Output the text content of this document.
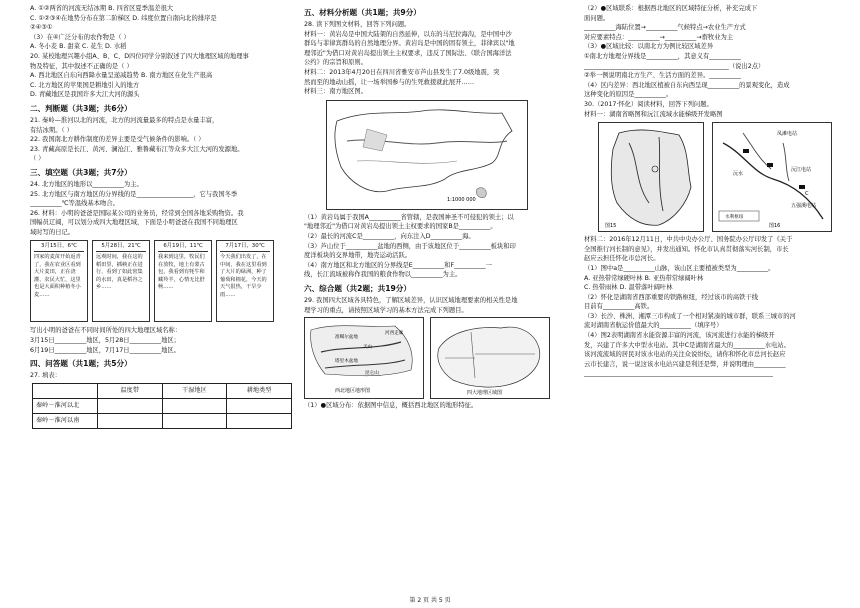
A. ①②两省的河流无结冰期 B. 四省区夏季温差很大
C. ①②③④在地势分布在第二阶梯区 D. 纬度位置自南向北的排序是
②④③①
（3）在④广泛分布的农作物是（ ）
A. 冬小麦 B. 甜菜 C. 花生 D. 水稻
20. 某校地理兴趣小组A、B、C、D四位同学分别叙述了四大地理区域的地理事
物及特征，其中叙述不正确的是（ ）
A. 西北地区自东向西降水量呈递减趋势 B. 南方地区在化生产很高
C. 北方地区的苹果国是耕地引入的地方
D. 青藏地区是我国许多大江大河的源头
二、判断题（共3题；共6分）
21. 秦岭—淮河以北的河流，北方的河流量最多的特点是水量丰富，
有结冰期。（ ）
22. 我国南北方耕作制度的差异主要是受气候条件的影响。（ ）
23. 青藏高原是长江、黄河、澜沧江、雅鲁藏布江等众多大江大河的发源地。
（ ）
三、填空题（共3题；共7分）
24. 北方地区的地形以__________为主。
25. 北方地区与南方地区的分界线的是__________________，它与我国冬季
__________℃等温线基本吻合。
26. 材料：小明的爸爸是国际某公司的业务员，经常到全国各地采购物资。我
国幅员辽阔，可以划分成四大地理区域，下面是小明爸爸在我国不同地理区
域时写的日记。
3月15日，6℃
四家的麦苗开始返青了，我在农业区看到大片麦田，正在浇灌，农民大忙，这里也是大面积种植冬小麦……
5月28日，21℃
远观时间，我在这的稻田里，插秧正在进行，看到了如此密集的水田，真是稻谷之乡……
6月19日，11℃
我来到这里，牧民们在放牧，地上有蒙古包，我看到有牦牛和藏羚羊，心情无比舒畅……
7月17日，30℃
今天我们出发了，在中间，我在这里看到了大片的绿洲，种了葡萄和棉花，今天的天气很热，干旱少雨……
写出小明的爸爸在不同时间所处的四大地理区域名称：
3月15日__________地区，5月28日__________地区；
6月19日__________地区，7月17日__________地区。
四、问答题（共1题；共5分）
27. 填表：
	温度带	干湿地区	耕地类型
秦岭－淮河以北			
秦岭－淮河以南			
五、材料分析题（共1题；共9分）
28. 读下列图文材料，回答下列问题。
材料一：黄岩岛是中国大陆架的自然延伸，以东的马尼拉海沟，是中国中沙
群岛与菲律宾群岛的自然地理分界。黄岩岛是中国的固有领土，菲律宾以"地
理邻近"为借口对黄岩岛提出领土主权要求，违反了国际法、《联合国海洋法
公约》的宗旨和原则。
材料二：2013年4月20日在四川省雅安市芦山县发生了7.0级地震，突
然而至的地动山摇，让一场举国参与的生死救援就此展开……
材料三：南方地区图。
1:1000 000
（1）黄岩岛属于我国A__________省管辖，是我国神圣不可侵犯的领土；以
"地理邻近"为借口对黄岩岛提出领土主权要求的国家B是__________。
（2）最长的河流C是__________，向东注入D__________海。
（3）芦山位于__________盆地的西侧，由于该地区位于__________板块和印
度洋板块的交界地带，地壳运动活跃。
（4）南方地区和北方地区的分界线是E__________和F__________一
线，长江流域被称作我国的粮食作物以__________为主。
六、综合题（共2题；共19分）
29. 我国四大区域各具特色，了解区域差异，认识区域地理要素的相关性是地
理学习的重点，请按照区域学习的基本方法完成下列题目。
准噶尔盆地
天山
塔里木盆地
昆仑山
河西走廊
西北地区地形图	四大地理区域图
（1）●区域分布：依据图中信息，概括西北地区的地形特征。
（2）●区域联系：根据西北地区的区域特征分析，补充完成下
面问题。
__________海陆位置→__________气候特点→农业生产方式
对应要素特点：__________→__________→畜牧业为主
（3）●区域比较：以南北方为例比较区域差异
①南北方地理分界线是__________，其意义有__________
______________________________________________（说出2点）
②举一例说明南北方生产、生活方面的差异。__________
（4）区内差异：西北地区植被自东向西呈现__________的景观变化，造成
这种变化的原因是__________。
30.（2017·怀化）阅读材料，回答下列问题。
材料一：湖南省略图和沅江流域水能梯级开发略图
图15
凤滩电站
五强溪电站
沅江电站
沅水
C
水利枢纽
图16
材料二：2016年12月11日，中共中央办公厅、国务院办公厅印发了《关于
全国推行河长制的意见》，并发出通知。怀化市认真贯彻落实河长制，市长
赵应云担任怀化市总河长。
（1）图中a是__________山脉，该山区主要植被类型为__________。
A. 亚热带常绿硬叶林 B. 亚热带常绿阔叶林
C. 热带雨林 D. 温带落叶阔叶林
（2）怀化是湖南省西部重要的铁路枢纽，经过该市的高铁干线
目前有__________高铁。
（3）长沙、株洲、湘潭三市构成了一个相对紧凑的城市群，联系三城市的河
流对湖南省航运价值最大的__________（填序号）
（4）图2表明湖南省水能资源丰富的河流，该河流进行水能的梯级开
发，兴建了许多大中型水电站。其中C是湖南省最大的__________水电站。
该河流流域的居民对该水电站的关注众说纷纭，请你和怀化市总河长赵应
云市长建言，说一说这该水电站兴建是利还是弊，并说明理由__________
____________________________________________________________
第 2 页 共 5 页
